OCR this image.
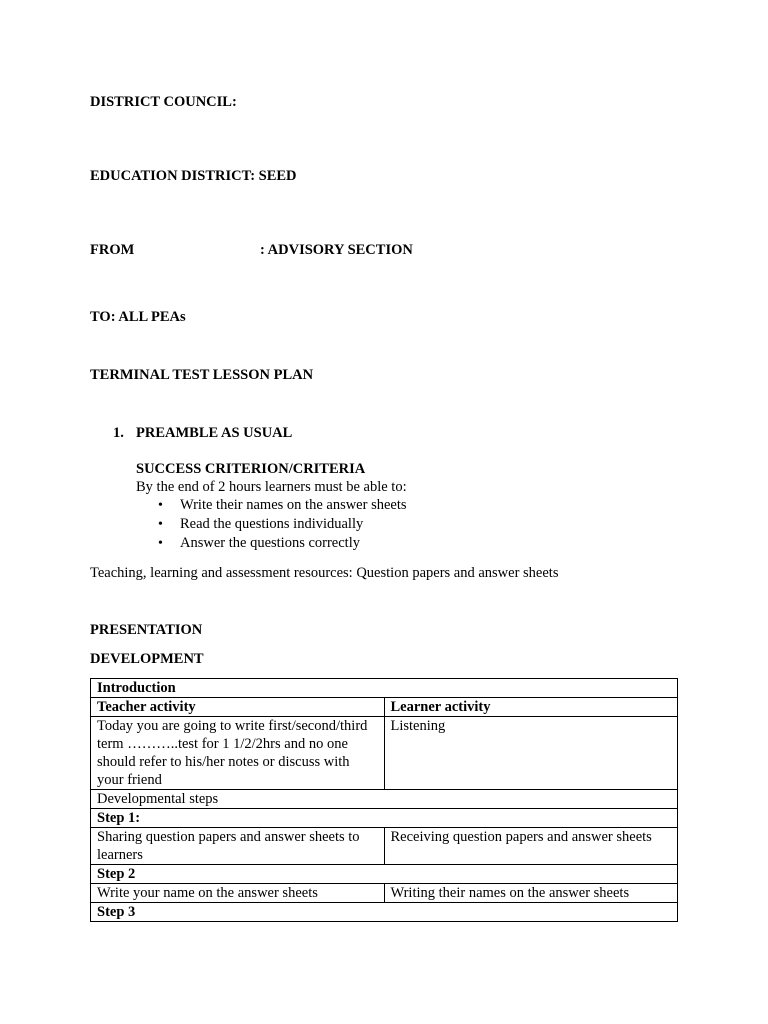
DISTRICT COUNCIL:
EDUCATION DISTRICT: SEED
FROM	: ADVISORY SECTION
TO: ALL PEAs
TERMINAL TEST LESSON PLAN
1. PREAMBLE AS USUAL
SUCCESS CRITERION/CRITERIA
By the end of 2 hours learners must be able to:
• Write their names on the answer sheets
• Read the questions individually
• Answer the questions correctly
Teaching, learning and assessment resources: Question papers and answer sheets
PRESENTATION
DEVELOPMENT
Introduction	
Teacher activity	Learner activity
Today you are going to write first/second/third term ………..test for 1 1/2/2hrs and no one should refer to his/her notes or discuss with your friend	Listening
Developmental steps	
Step 1:	
Sharing question papers and answer sheets to learners	Receiving question papers and answer sheets
Step 2	
Write your name on the answer sheets	Writing their names on the answer sheets
Step 3	
